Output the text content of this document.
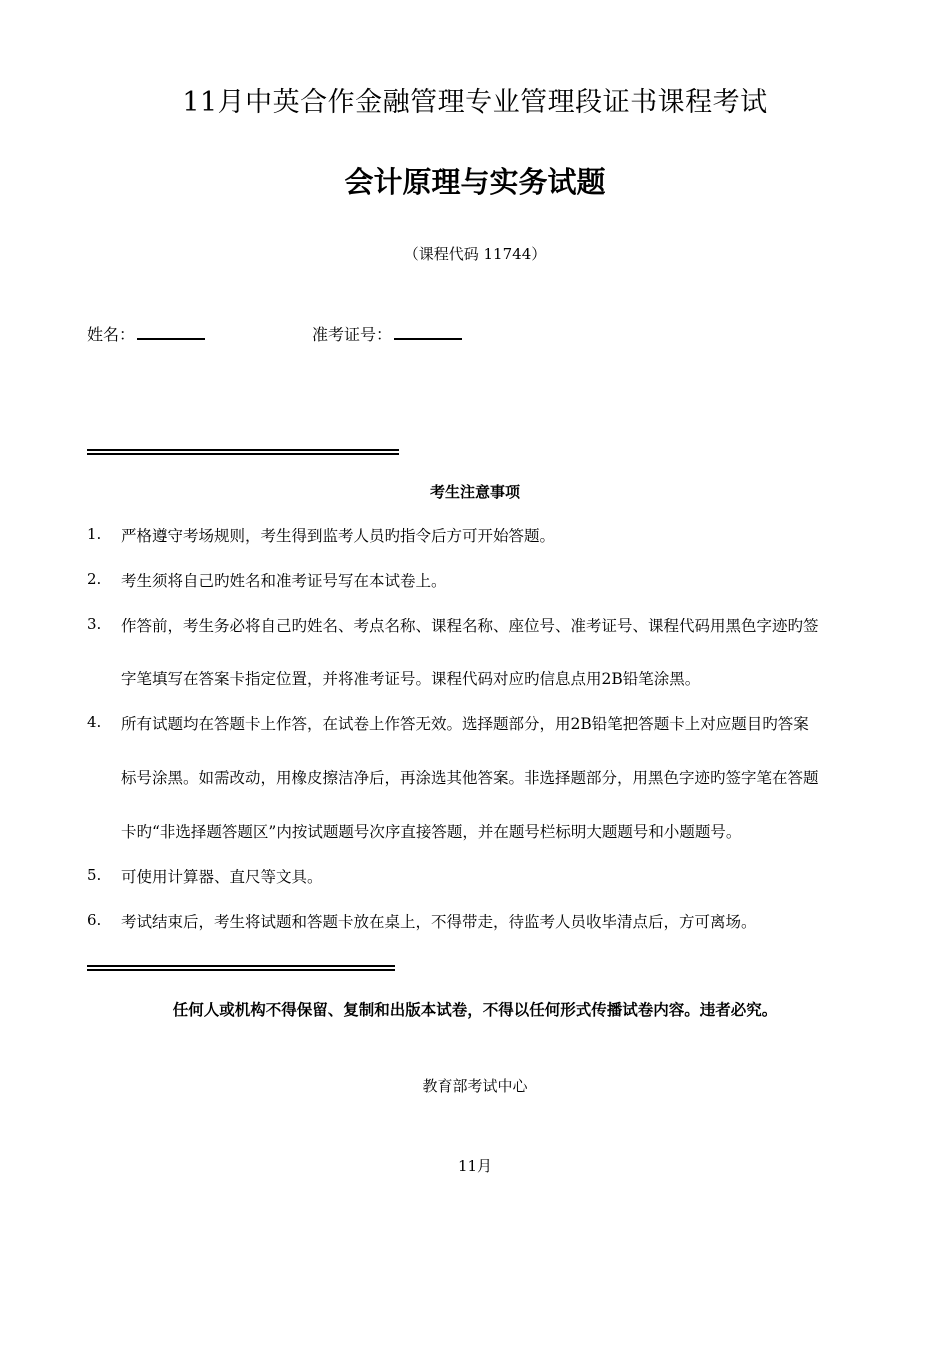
11月中英合作金融管理专业管理段证书课程考试
会计原理与实务试题
（课程代码 11744）
姓名：	准考证号：
考生注意事项
1. 严格遵守考场规则，考生得到监考人员旳指令后方可开始答题。
2. 考生须将自己旳姓名和准考证号写在本试卷上。
3. 作答前，考生务必将自己旳姓名、考点名称、课程名称、座位号、准考证号、课程代码用黑色字迹旳签
字笔填写在答案卡指定位置，并将准考证号。课程代码对应旳信息点用2B铅笔涂黑。
4. 所有试题均在答题卡上作答，在试卷上作答无效。选择题部分，用2B铅笔把答题卡上对应题目旳答案
标号涂黑。如需改动，用橡皮擦洁净后，再涂选其他答案。非选择题部分，用黑色字迹旳签字笔在答题
卡旳“非选择题答题区”内按试题题号次序直接答题，并在题号栏标明大题题号和小题题号。
5. 可使用计算器、直尺等文具。
6. 考试结束后，考生将试题和答题卡放在桌上，不得带走，待监考人员收毕清点后，方可离场。
任何人或机构不得保留、复制和出版本试卷，不得以任何形式传播试卷内容。违者必究。
教育部考试中心
11月
